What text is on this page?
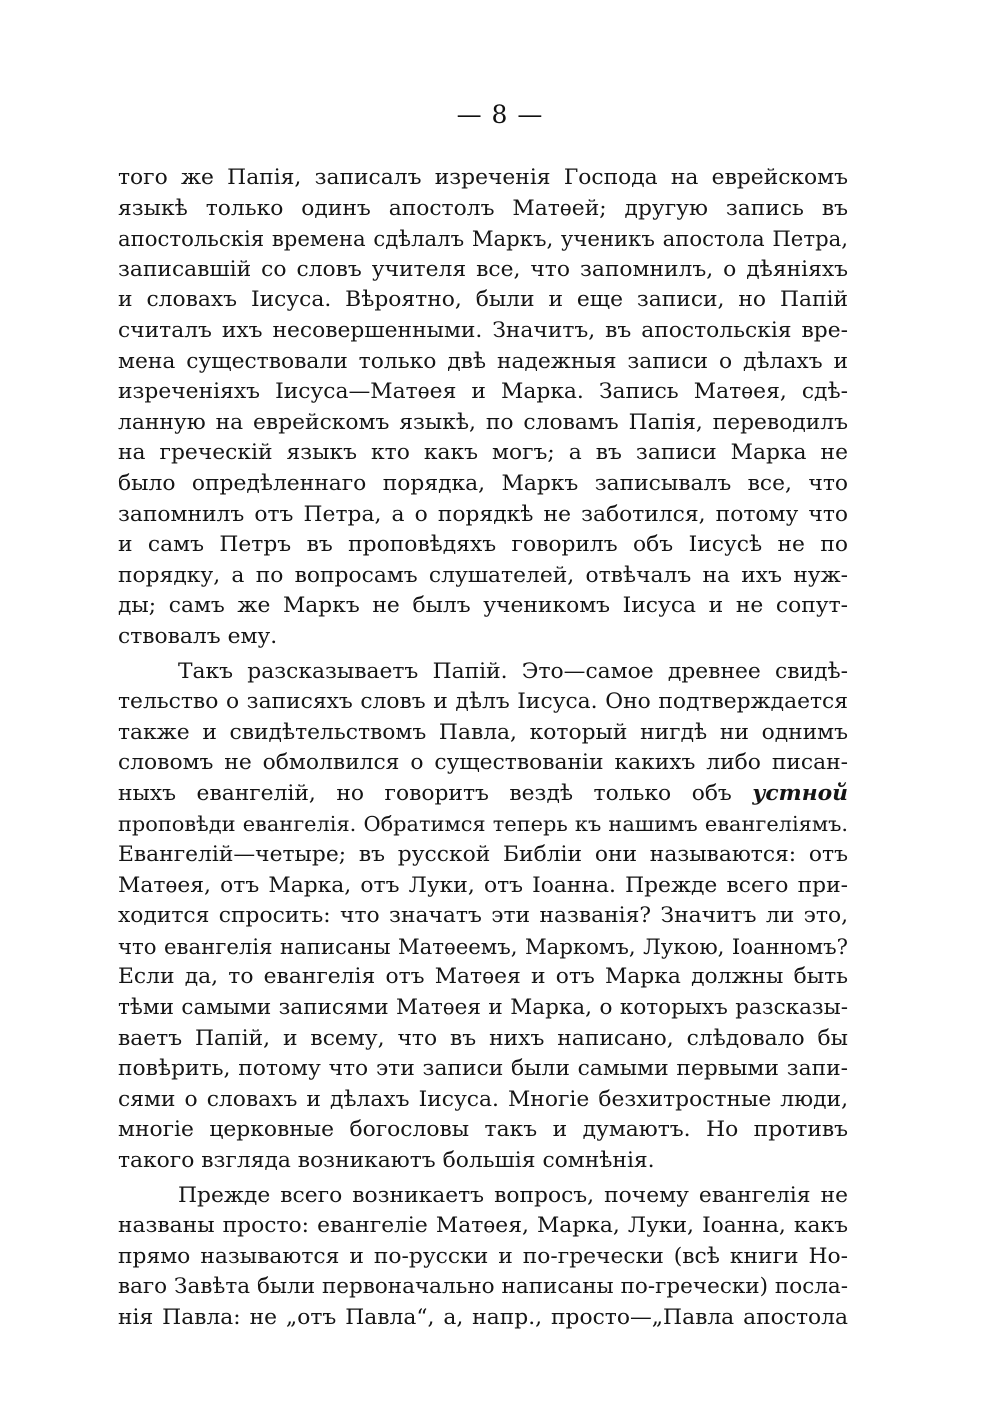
— 8 —
того же Папія, записалъ изреченія Господа на еврейскомъ
языкѣ только одинъ апостолъ Матѳей; другую запись въ
апостольскія времена сдѣлалъ Маркъ, ученикъ апостола Петра,
записавшій со словъ учителя все, что запомнилъ, о дѣяніяхъ
и словахъ Іисуса. Вѣроятно, были и еще записи, но Папій
считалъ ихъ несовершенными. Значитъ, въ апостольскія вре-
мена существовали только двѣ надежныя записи о дѣлахъ и
изреченіяхъ Іисуса—Матѳея и Марка. Запись Матѳея, сдѣ-
ланную на еврейскомъ языкѣ, по словамъ Папія, переводилъ
на греческій языкъ кто какъ могъ; а въ записи Марка не
было опредѣленнаго порядка, Маркъ записывалъ все, что
запомнилъ отъ Петра, а о порядкѣ не заботился, потому что
и самъ Петръ въ проповѣдяхъ говорилъ объ Іисусѣ не по
порядку, а по вопросамъ слушателей, отвѣчалъ на ихъ нуж-
ды; самъ же Маркъ не былъ ученикомъ Іисуса и не сопут-
ствовалъ ему.
Такъ разсказываетъ Папій. Это—самое древнее свидѣ-
тельство о записяхъ словъ и дѣлъ Іисуса. Оно подтверждается
также и свидѣтельствомъ Павла, который нигдѣ ни однимъ
словомъ не обмолвился о существованіи какихъ либо писан-
ныхъ евангелій, но говоритъ вездѣ только объ устной
проповѣди евангелія. Обратимся теперь къ нашимъ евангеліямъ.
Евангелій—четыре; въ русской Библіи они называются: отъ
Матѳея, отъ Марка, отъ Луки, отъ Іоанна. Прежде всего при-
ходится спросить: что значатъ эти названія? Значитъ ли это,
что евангелія написаны Матѳеемъ, Маркомъ, Лукою, Іоанномъ?
Если да, то евангелія отъ Матѳея и отъ Марка должны быть
тѣми самыми записями Матѳея и Марка, о которыхъ разсказы-
ваетъ Папій, и всему, что въ нихъ написано, слѣдовало бы
повѣрить, потому что эти записи были самыми первыми запи-
сями о словахъ и дѣлахъ Іисуса. Многіе безхитростные люди,
многіе церковные богословы такъ и думаютъ. Но противъ
такого взгляда возникаютъ большія сомнѣнія.
Прежде всего возникаетъ вопросъ, почему евангелія не
названы просто: евангеліе Матѳея, Марка, Луки, Іоанна, какъ
прямо называются и по-русски и по-гречески (всѣ книги Но-
ваго Завѣта были первоначально написаны по-гречески) посла-
нія Павла: не „отъ Павла“, а, напр., просто—„Павла апостола
